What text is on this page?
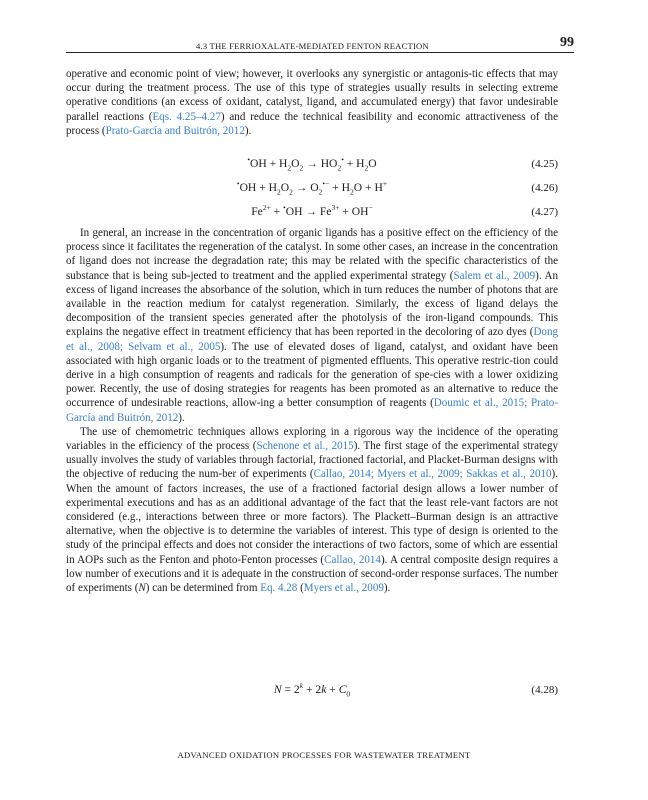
4.3 THE FERRIOXALATE-MEDIATED FENTON REACTION	99

operative and economic point of view; however, it overlooks any synergistic or antagonis-tic effects that may occur during the treatment process. The use of this type of strategies usually results in selecting extreme operative conditions (an excess of oxidant, catalyst, ligand, and accumulated energy) that favor undesirable parallel reactions (Eqs. 4.25–4.27) and reduce the technical feasibility and economic attractiveness of the process (Prato-García and Buitrón, 2012).

$^•OH + H_2O_2 \to HO_2^• + H_2O$	(4.25)
$^•OH + H_2O_2 \to O_2^{•-} + H_2O + H^+$	(4.26)
$Fe^{2+} + ^•OH \to Fe^{3+} + OH^-$	(4.27)

In general, an increase in the concentration of organic ligands has a positive effect on the efficiency of the process since it facilitates the regeneration of the catalyst. In some other cases, an increase in the concentration of ligand does not increase the degradation rate; this may be related with the specific characteristics of the substance that is being sub-jected to treatment and the applied experimental strategy (Salem et al., 2009). An excess of ligand increases the absorbance of the solution, which in turn reduces the number of photons that are available in the reaction medium for catalyst regeneration. Similarly, the excess of ligand delays the decomposition of the transient species generated after the photolysis of the iron-ligand compounds. This explains the negative effect in treatment efficiency that has been reported in the decoloring of azo dyes (Dong et al., 2008; Selvam et al., 2005). The use of elevated doses of ligand, catalyst, and oxidant have been associated with high organic loads or to the treatment of pigmented effluents. This operative restric-tion could derive in a high consumption of reagents and radicals for the generation of spe-cies with a lower oxidizing power. Recently, the use of dosing strategies for reagents has been promoted as an alternative to reduce the occurrence of undesirable reactions, allow-ing a better consumption of reagents (Doumic et al., 2015; Prato-García and Buitrón, 2012).

The use of chemometric techniques allows exploring in a rigorous way the incidence of the operating variables in the efficiency of the process (Schenone et al., 2015). The first stage of the experimental strategy usually involves the study of variables through factorial, fractioned factorial, and Placket-Burman designs with the objective of reducing the num-ber of experiments (Callao, 2014; Myers et al., 2009; Sakkas et al., 2010). When the amount of factors increases, the use of a fractioned factorial design allows a lower number of experimental executions and has as an additional advantage of the fact that the least rele-vant factors are not considered (e.g., interactions between three or more factors). The Plackett–Burman design is an attractive alternative, when the objective is to determine the variables of interest. This type of design is oriented to the study of the principal effects and does not consider the interactions of two factors, some of which are essential in AOPs such as the Fenton and photo-Fenton processes (Callao, 2014). A central composite design requires a low number of executions and it is adequate in the construction of second-order response surfaces. The number of experiments (N) can be determined from Eq. 4.28 (Myers et al., 2009).

$N = 2^k + 2k + C_0$	(4.28)
ADVANCED OXIDATION PROCESSES FOR WASTEWATER TREATMENT
